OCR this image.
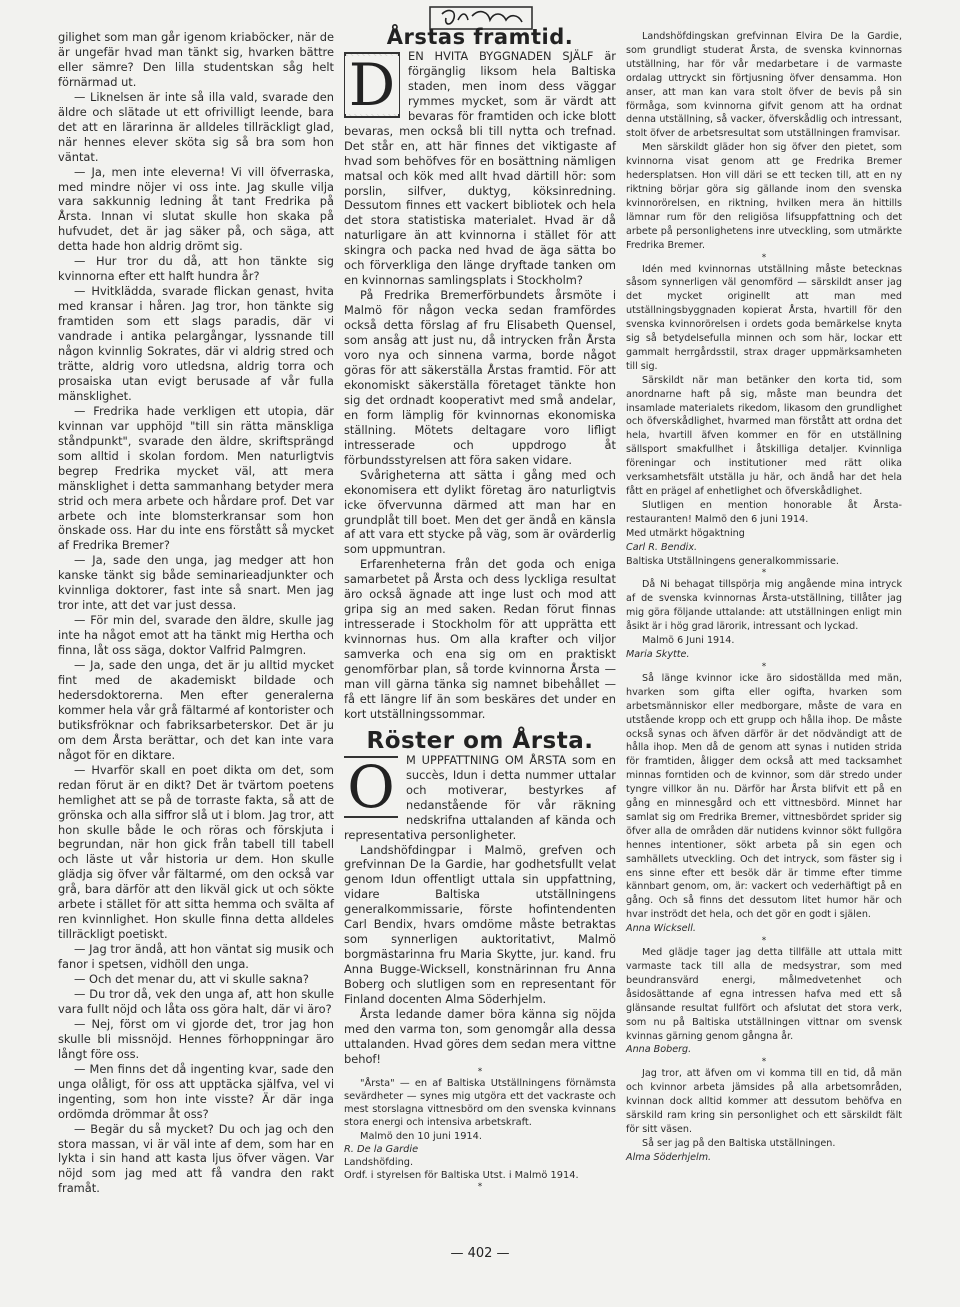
gilighet som man går igenom kriaböcker, när de är ungefär hvad man tänkt sig, hvarken bättre eller sämre? Den lilla studentskan såg helt förnärmad ut.

— Liknelsen är inte så illa vald, svarade den äldre och slätade ut ett ofrivilligt leende, bara det att en lärarinna är alldeles tillräckligt glad, när hennes elever sköta sig så bra som hon väntat.

— Ja, men inte eleverna! Vi vill öfverraska, med mindre nöjer vi oss inte. Jag skulle vilja vara sakkunnig ledning åt tant Fredrika på Årsta. Innan vi slutat skulle hon skaka på hufvudet, det är jag säker på, och säga, att detta hade hon aldrig drömt sig.

— Hur tror du då, att hon tänkte sig kvinnorna efter ett halft hundra år?

— Hvitklädda, svarade flickan genast, hvita med kransar i håren. Jag tror, hon tänkte sig framtiden som ett slags paradis, där vi vandrade i antika pelargångar, lyssnande till någon kvinnlig Sokrates, där vi aldrig stred och trätte, aldrig voro utledsna, aldrig torra och prosaiska utan evigt berusade af vår fulla mänsklighet.

— Fredrika hade verkligen ett utopia, där kvinnan var upphöjd "till sin rätta mänskliga ståndpunkt", svarade den äldre, skriftsprängd som alltid i skolan fordom. Men naturligtvis begrep Fredrika mycket väl, att mera mänsklighet i detta sammanhang betyder mera strid och mera arbete och hårdare prof. Det var arbete och inte blomsterkransar som hon önskade oss. Har du inte ens förstått så mycket af Fredrika Bremer?

— Ja, sade den unga, jag medger att hon kanske tänkt sig både seminarieadjunkter och kvinnliga doktorer, fast inte så snart. Men jag tror inte, att det var just dessa.

— För min del, svarade den äldre, skulle jag inte ha något emot att ha tänkt mig Hertha och finna, låt oss säga, doktor Valfrid Palmgren.

— Ja, sade den unga, det är ju alltid mycket fint med de akademiskt bildade och hedersdoktorerna. Men efter generalerna kommer hela vår grå fältarmé af kontorister och butiksfröknar och fabriksarbeterskor. Det är ju om dem Årsta berättar, och det kan inte vara något för en diktare.

— Hvarför skall en poet dikta om det, som redan förut är en dikt? Det är tvärtom poetens hemlighet att se på de torraste fakta, så att de grönska och alla siffror slå ut i blom. Jag tror, att hon skulle både le och röras och förskjuta i begrundan, när hon gick från tabell till tabell och läste ut vår historia ur dem. Hon skulle glädja sig öfver vår fältarmé, om den också var grå, bara därför att den likväl gick ut och sökte arbete i stället för att sitta hemma och svälta af ren kvinnlighet. Hon skulle finna detta alldeles tillräckligt poetiskt.

— Jag tror ändå, att hon väntat sig musik och fanor i spetsen, vidhöll den unga.

— Och det menar du, att vi skulle sakna?

— Du tror då, vek den unga af, att hon skulle vara fullt nöjd och låta oss göra halt, där vi äro?

— Nej, först om vi gjorde det, tror jag hon skulle bli missnöjd. Hennes förhoppningar äro långt före oss.

— Men finns det då ingenting kvar, sade den unga olåligt, för oss att upptäcka själfva, vel vi ingenting, som hon inte visste? Är där inga ordömda drömmar åt oss?

— Begär du så mycket? Du och jag och den stora massan, vi är väl inte af dem, som har en lykta i sin hand att kasta ljus öfver vägen. Var nöjd som jag med att få vandra den rakt framåt.

Årstas framtid.
D	EN HVITA BYGGNADEN SJÄLF är förgänglig liksom hela Baltiska staden, men inom dess väggar rymmes mycket, som är värdt att bevaras för framtiden och icke blott bevaras, men också bli till nytta och trefnad. Det står en, att här finnes det viktigaste af hvad som behöfves för en bosättning nämligen matsal och kök med allt hvad därtill hör: som porslin, silfver, duktyg, köksinredning. Dessutom finnes ett vackert bibliotek och hela det stora statistiska materialet. Hvad är då naturligare än att kvinnorna i stället för att skingra och packa ned hvad de äga sätta bo och förverkliga den länge dryftade tanken om en kvinnornas samlingsplats i Stockholm?

På Fredrika Bremerförbundets årsmöte i Malmö för någon vecka sedan framfördes också detta förslag af fru Elisabeth Quensel, som ansåg att just nu, då intrycken från Årsta voro nya och sinnena varma, borde något göras för att säkerställa Årstas framtid. För att ekonomiskt säkerställa företaget tänkte hon sig det ordnadt kooperativt med små andelar, en form lämplig för kvinnornas ekonomiska ställning. Mötets deltagare voro lifligt intresserade och uppdrogo åt förbundsstyrelsen att föra saken vidare.

Svårigheterna att sätta i gång med och ekonomisera ett dylikt företag äro naturligtvis icke öfvervunna därmed att man har en grundplåt till boet. Men det ger ändå en känsla af att vara ett stycke på väg, som är ovärderlig som uppmuntran.

Erfarenheterna från det goda och eniga samarbetet på Årsta och dess lyckliga resultat äro också ägnade att inge lust och mod att gripa sig an med saken. Redan förut finnas intresserade i Stockholm för att upprätta ett kvinnornas hus. Om alla krafter och viljor samverka och ena sig om en praktiskt genomförbar plan, så torde kvinnorna Årsta — man vill gärna tänka sig namnet bibehållet — få ett längre lif än som beskäres det under en kort utställningssommar.

Röster om Årsta.
O M UPPFATTNING OM ÅRSTA som en succès, Idun i detta nummer uttalar och motiverar, bestyrkes af nedanstående för vår räkning nedskrifna uttalanden af kända och representativa personligheter.

Landshöfdingpar i Malmö, grefven och grefvinnan De la Gardie, har godhetsfullt velat genom Idun offentligt uttala sin uppfattning, vidare Baltiska utställningens generalkommissarie, förste hofintendenten Carl Bendix, hvars omdöme måste betraktas som synnerligen auktoritativt, Malmö borgmästarinna fru Maria Skytte, jur. kand. fru Anna Bugge-Wicksell, konstnärinnan fru Anna Boberg och slutligen som en representant för Finland docenten Alma Söderhjelm.

Årsta ledande damer böra känna sig nöjda med den varma ton, som genomgår alla dessa uttalanden. Hvad göres dem sedan mera vittne behof!

*

"Årsta" — en af Baltiska Utställningens förnämsta sevärdheter — synes mig utgöra ett det vackraste och mest storslagna vittnesbörd om den svenska kvinnans stora energi och intensiva arbetskraft.

Malmö den 10 juni 1914.

R. De la Gardie

Landshöfding.

Ordf. i styrelsen för Baltiska Utst. i Malmö 1914.

*

Landshöfdingskan grefvinnan Elvira De la Gardie, som grundligt studerat Årsta, de svenska kvinnornas utställning, har för vår medarbetare i de varmaste ordalag uttryckt sin förtjusning öfver densamma. Hon anser, att man kan vara stolt öfver de bevis på sin förmåga, som kvinnorna gifvit genom att ha ordnat denna utställning, så vacker, öfverskådlig och intressant, stolt öfver de arbetsresultat som utställningen framvisar.

Men särskildt gläder hon sig öfver den pietet, som kvinnorna visat genom att ge Fredrika Bremer hedersplatsen. Hon vill däri se ett tecken till, att en ny riktning börjar göra sig gällande inom den svenska kvinnorörelsen, en riktning, hvilken mera än hittills lämnar rum för den religiösa lifsuppfattning och det arbete på personlighetens inre utveckling, som utmärkte Fredrika Bremer.

*

Idén med kvinnornas utställning måste betecknas såsom synnerligen väl genomförd — särskildt anser jag det mycket originellt att man med utställningsbyggnaden kopierat Årsta, hvartill för den svenska kvinnorörelsen i ordets goda bemärkelse knyta sig så betydelsefulla minnen och som här, lockar ett gammalt herrgårdsstil, strax drager uppmärksamheten till sig.

Särskildt när man betänker den korta tid, som anordnarne haft på sig, måste man beundra det insamlade materialets rikedom, likasom den grundlighet och öfverskådlighet, hvarmed man förstått att ordna det hela, hvartill äfven kommer en för en utställning sällsport smakfullhet i åtskilliga detaljer. Kvinnliga föreningar och institutioner med rätt olika verksamhetsfält utställa ju här, och ändå har det hela fått en prägel af enhetlighet och öfverskådlighet.

Slutligen en mention honorable åt Årsta-restauranten! Malmö den 6 juni 1914.

Med utmärkt högaktning

Carl R. Bendix.

Baltiska Utställningens generalkommissarie.

*

Då Ni behagat tillspörja mig angående mina intryck af de svenska kvinnornas Årsta-utställning, tillåter jag mig göra följande uttalande: att utställningen enligt min åsikt är i hög grad lärorik, intressant och lyckad.

Malmö 6 Juni 1914.

Maria Skytte.

*

Så länge kvinnor icke äro sidoställda med män, hvarken som gifta eller ogifta, hvarken som arbetsmänniskor eller medborgare, måste de vara en utstående kropp och ett grupp och hålla ihop. De måste också synas och äfven därför är det nödvändigt att de hålla ihop. Men då de genom att synas i nutiden strida för framtiden, åligger dem också att med tacksamhet minnas forntiden och de kvinnor, som där stredo under tyngre villkor än nu. Därför har Årsta blifvit ett på en gång en minnesgård och ett vittnesbörd. Minnet har samlat sig om Fredrika Bremer, vittnesbördet sprider sig öfver alla de områden där nutidens kvinnor sökt fullgöra hennes intentioner, sökt arbeta på sin egen och samhällets utveckling. Och det intryck, som fäster sig i ens sinne efter ett besök där är timme efter timme kännbart genom, om, är: vackert och vederhäftigt på en gång. Och så finns det dessutom litet humor här och hvar inströdt det hela, och det gör en godt i själen.

Anna Wicksell.

*

Med glädje tager jag detta tillfälle att uttala mitt varmaste tack till alla de medsystrar, som med beundransvärd energi, målmedvetenhet och åsidosättande af egna intressen hafva med ett så glänsande resultat fullfört och afslutat det stora verk, som nu på Baltiska utställningen vittnar om svensk kvinnas gärning genom gångna år.

Anna Boberg.

*

Jag tror, att äfven om vi komma till en tid, då män och kvinnor arbeta jämsides på alla arbetsområden, kvinnan dock alltid kommer att dessutom behöfva en särskild ram kring sin personlighet och ett särskildt fält för sitt väsen.

Så ser jag på den Baltiska utställningen.

Alma Söderhjelm.

— 402 —
